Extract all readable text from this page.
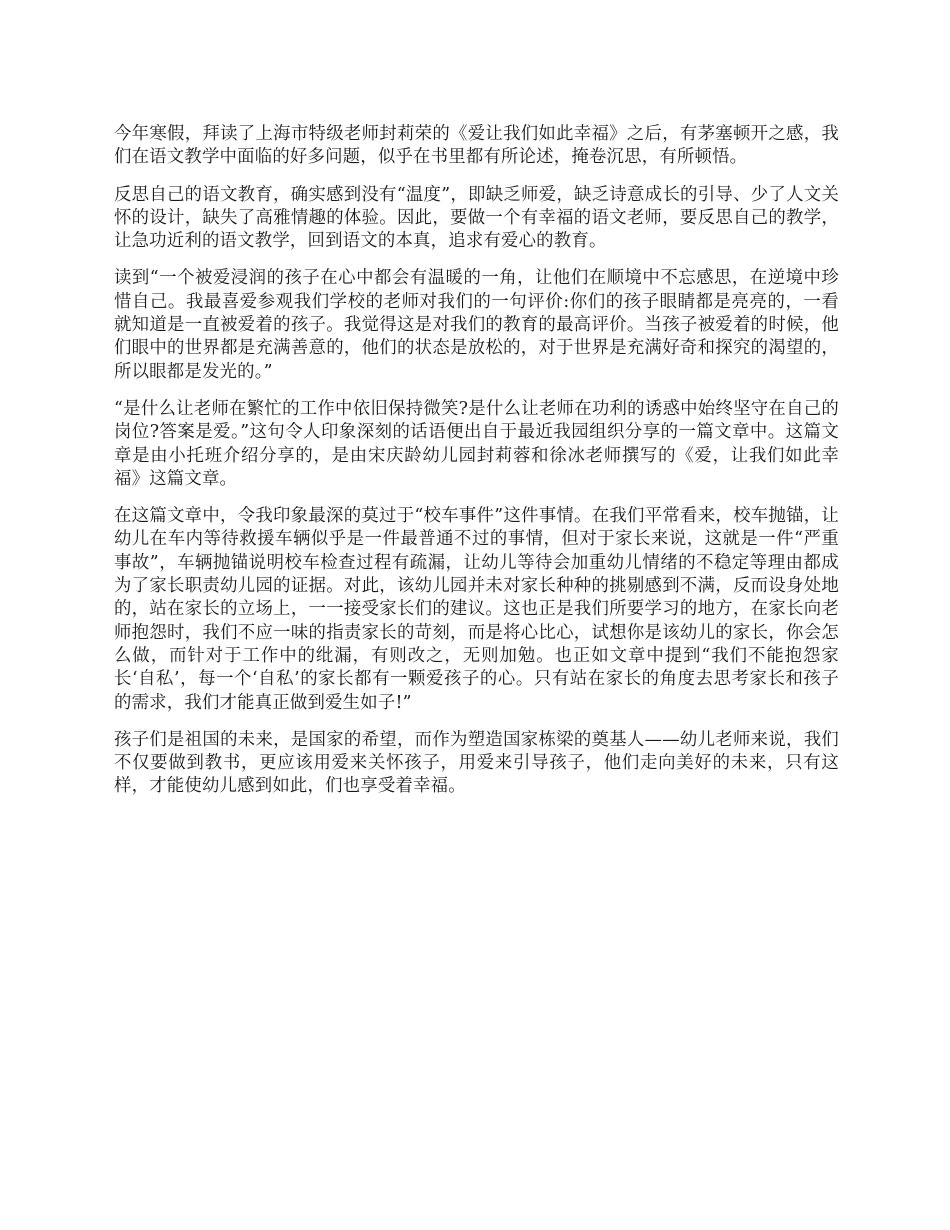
今年寒假，拜读了上海市特级老师封莉荣的《爱让我们如此幸福》之后，有茅塞顿开之感，我们在语文教学中面临的好多问题，似乎在书里都有所论述，掩卷沉思，有所顿悟。

反思自己的语文教育，确实感到没有“温度”，即缺乏师爱，缺乏诗意成长的引导、少了人文关怀的设计，缺失了高雅情趣的体验。因此，要做一个有幸福的语文老师，要反思自己的教学，让急功近利的语文教学，回到语文的本真，追求有爱心的教育。

读到“一个被爱浸润的孩子在心中都会有温暖的一角，让他们在顺境中不忘感思，在逆境中珍惜自己。我最喜爱参观我们学校的老师对我们的一句评价:你们的孩子眼睛都是亮亮的，一看就知道是一直被爱着的孩子。我觉得这是对我们的教育的最高评价。当孩子被爱着的时候，他们眼中的世界都是充满善意的，他们的状态是放松的，对于世界是充满好奇和探究的渴望的，所以眼都是发光的。”

“是什么让老师在繁忙的工作中依旧保持微笑?是什么让老师在功利的诱惑中始终坚守在自己的岗位?答案是爱。”这句令人印象深刻的话语便出自于最近我园组织分享的一篇文章中。这篇文章是由小托班介绍分享的，是由宋庆龄幼儿园封莉蓉和徐冰老师撰写的《爱，让我们如此幸福》这篇文章。

在这篇文章中，令我印象最深的莫过于“校车事件”这件事情。在我们平常看来，校车抛锚，让幼儿在车内等待救援车辆似乎是一件最普通不过的事情，但对于家长来说，这就是一件“严重事故”，车辆抛锚说明校车检查过程有疏漏，让幼儿等待会加重幼儿情绪的不稳定等理由都成为了家长职责幼儿园的证据。对此，该幼儿园并未对家长种种的挑剔感到不满，反而设身处地的，站在家长的立场上，一一接受家长们的建议。这也正是我们所要学习的地方，在家长向老师抱怨时，我们不应一味的指责家长的苛刻，而是将心比心，试想你是该幼儿的家长，你会怎么做，而针对于工作中的纰漏，有则改之，无则加勉。也正如文章中提到“我们不能抱怨家长‘自私’，每一个‘自私’的家长都有一颗爱孩子的心。只有站在家长的角度去思考家长和孩子的需求，我们才能真正做到爱生如子!”

孩子们是祖国的未来，是国家的希望，而作为塑造国家栋梁的奠基人——幼儿老师来说，我们不仅要做到教书，更应该用爱来关怀孩子，用爱来引导孩子，他们走向美好的未来，只有这样，才能使幼儿感到如此，们也享受着幸福。
